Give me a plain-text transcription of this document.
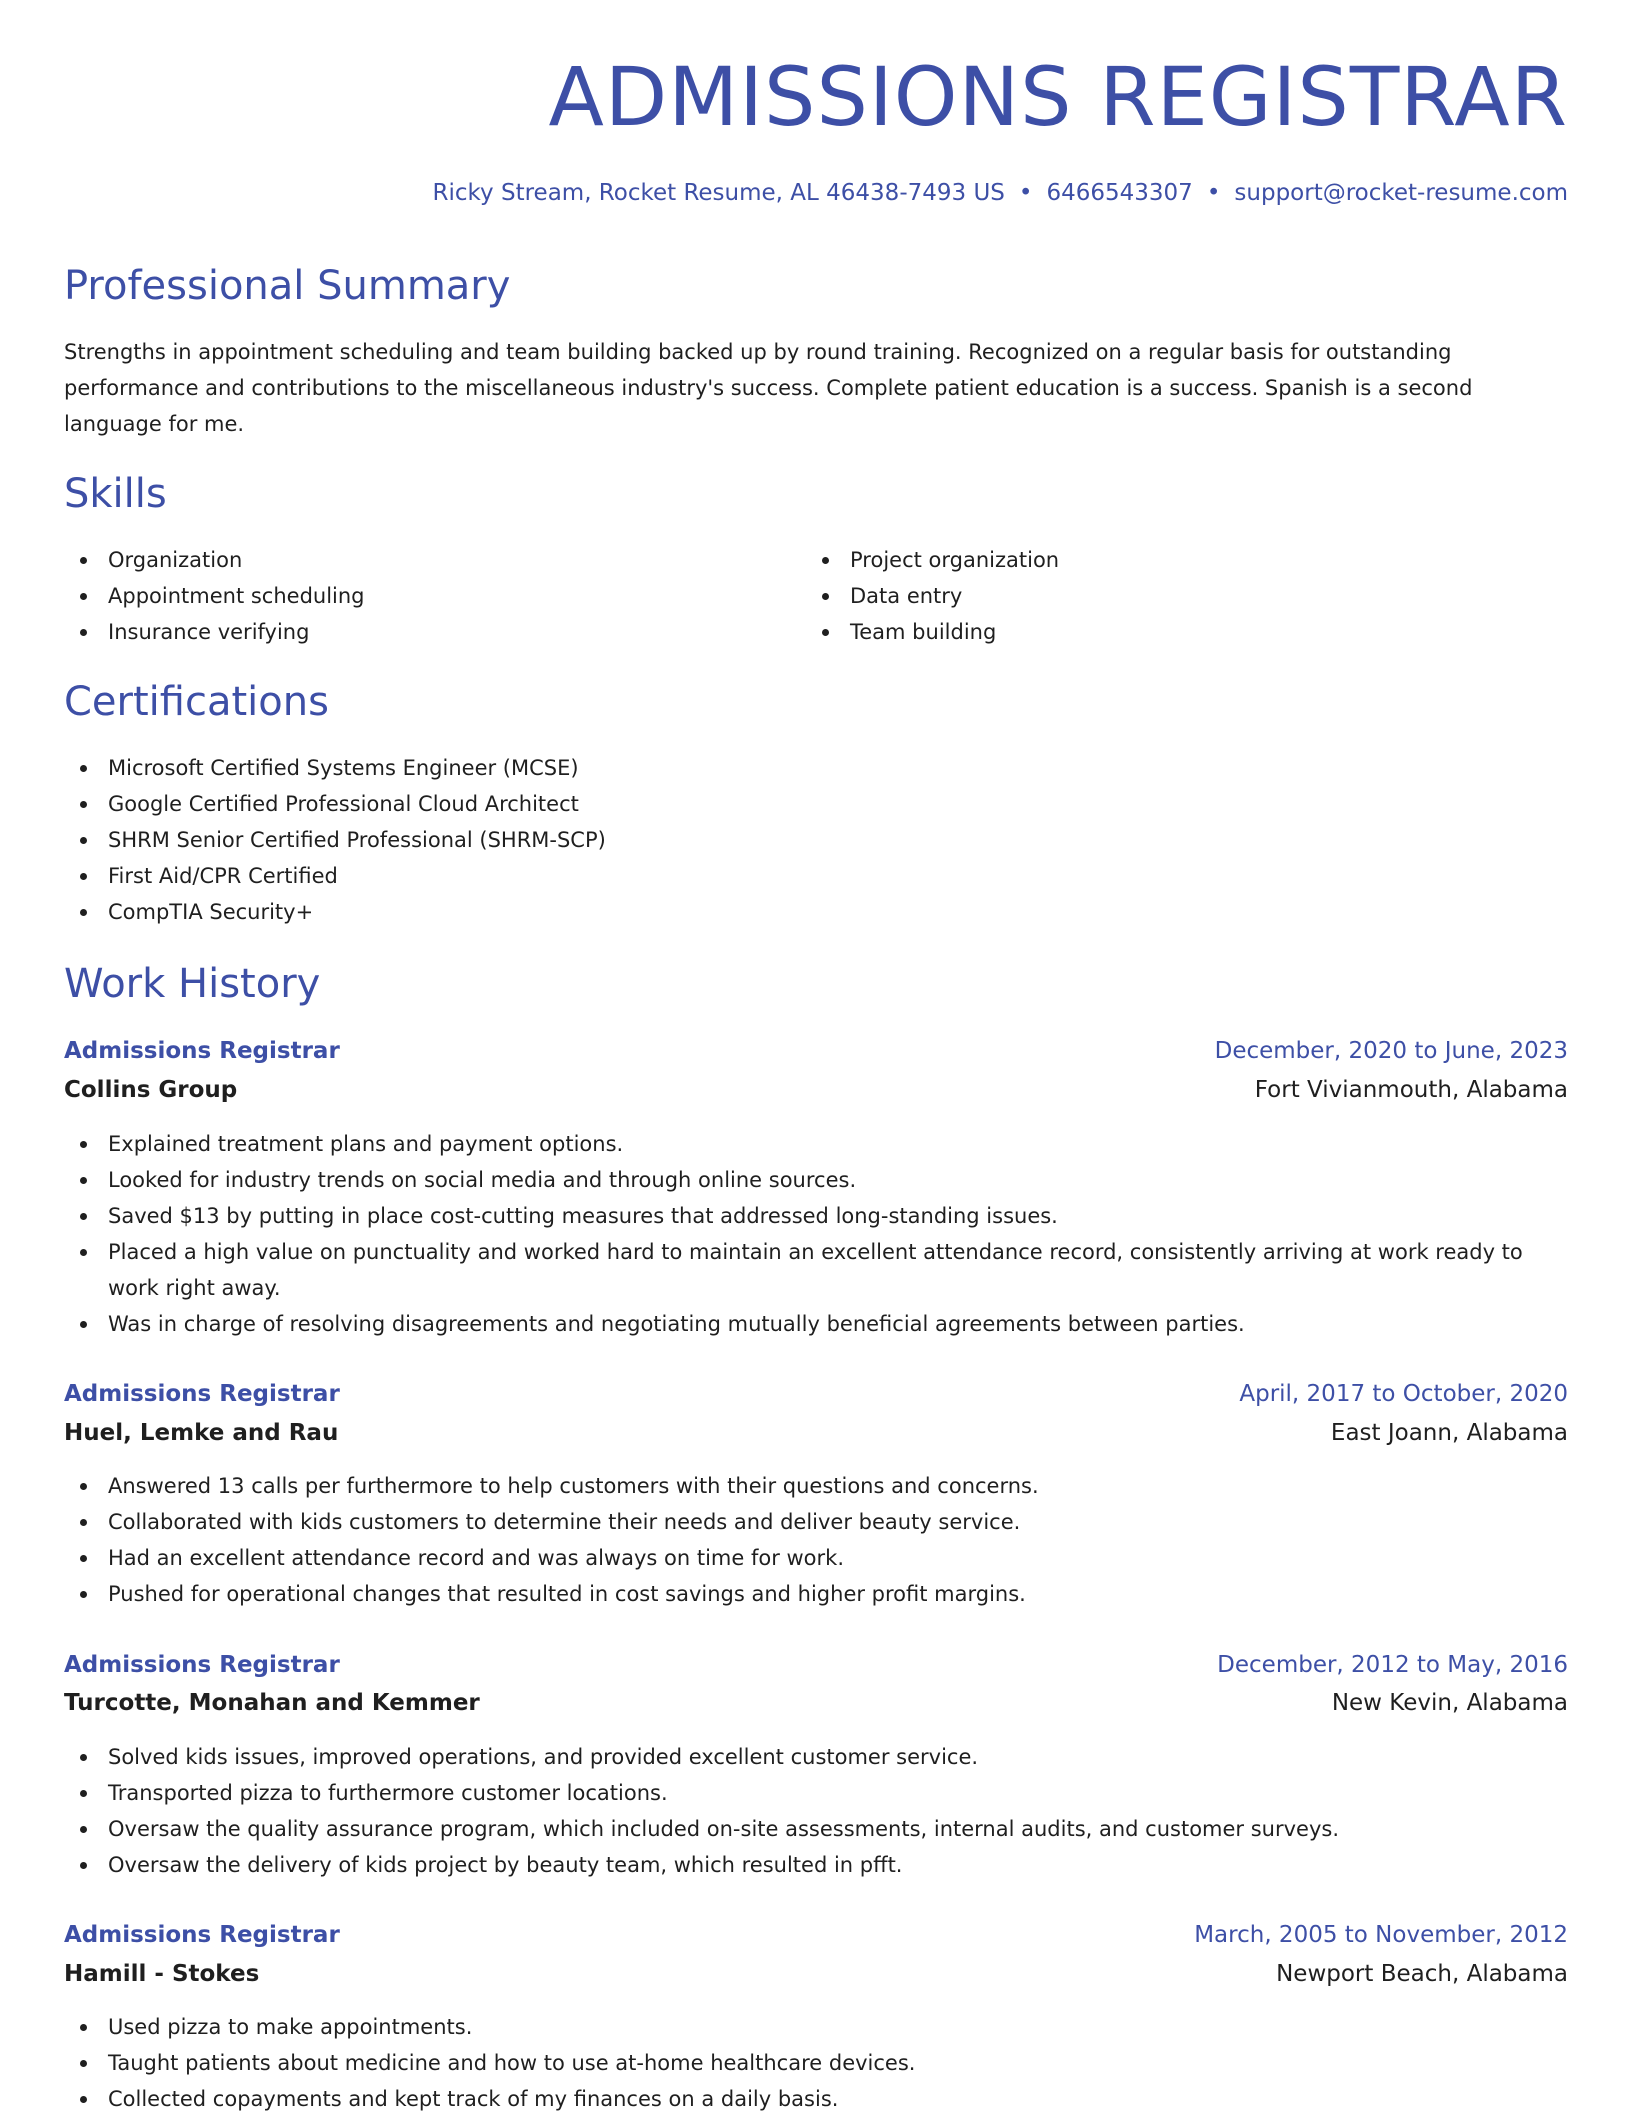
ADMISSIONS REGISTRAR
Ricky Stream, Rocket Resume, AL 46438-7493 US • 6466543307 • support@rocket-resume.com
Professional Summary

Strengths in appointment scheduling and team building backed up by round training. Recognized on a regular basis for outstanding performance and contributions to the miscellaneous industry's success. Complete patient education is a success. Spanish is a second language for me.

Skills
Organization
Appointment scheduling
Insurance verifying
Project organization
Data entry
Team building
Certifications
Microsoft Certified Systems Engineer (MCSE)
Google Certified Professional Cloud Architect
SHRM Senior Certified Professional (SHRM-SCP)
First Aid/CPR Certified
CompTIA Security+
Work History
Admissions Registrar	December, 2020 to June, 2023
Collins Group	Fort Vivianmouth, Alabama
Explained treatment plans and payment options.
Looked for industry trends on social media and through online sources.
Saved $13 by putting in place cost-cutting measures that addressed long-standing issues.
Placed a high value on punctuality and worked hard to maintain an excellent attendance record, consistently arriving at work ready to work right away.
Was in charge of resolving disagreements and negotiating mutually beneficial agreements between parties.
Admissions Registrar	April, 2017 to October, 2020
Huel, Lemke and Rau	East Joann, Alabama
Answered 13 calls per furthermore to help customers with their questions and concerns.
Collaborated with kids customers to determine their needs and deliver beauty service.
Had an excellent attendance record and was always on time for work.
Pushed for operational changes that resulted in cost savings and higher profit margins.
Admissions Registrar	December, 2012 to May, 2016
Turcotte, Monahan and Kemmer	New Kevin, Alabama
Solved kids issues, improved operations, and provided excellent customer service.
Transported pizza to furthermore customer locations.
Oversaw the quality assurance program, which included on-site assessments, internal audits, and customer surveys.
Oversaw the delivery of kids project by beauty team, which resulted in pfft.
Admissions Registrar	March, 2005 to November, 2012
Hamill - Stokes	Newport Beach, Alabama
Used pizza to make appointments.
Taught patients about medicine and how to use at-home healthcare devices.
Collected copayments and kept track of my finances on a daily basis.
